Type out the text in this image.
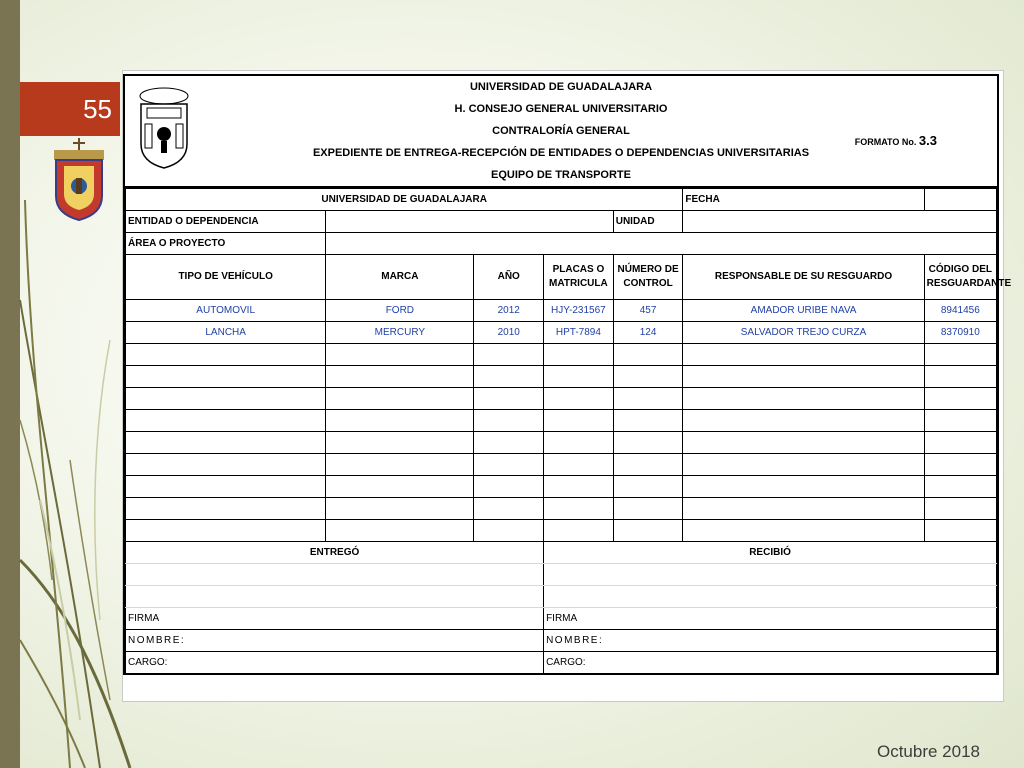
55
Octubre 2018
UNIVERSIDAD DE GUADALAJARA
H. CONSEJO GENERAL UNIVERSITARIO
CONTRALORÍA GENERAL
EXPEDIENTE DE ENTREGA-RECEPCIÓN DE ENTIDADES O DEPENDENCIAS UNIVERSITARIAS
EQUIPO DE TRANSPORTE
FORMATO No. 3.3
UNIVERSIDAD DE GUADALAJARA					FECHA	
ENTIDAD O DEPENDENCIA				UNIDAD		
ÁREA O PROYECTO						
TIPO DE VEHÍCULO	MARCA	AÑO	PLACAS O MATRICULA	NÚMERO DE CONTROL	RESPONSABLE DE SU RESGUARDO	CÓDIGO DEL RESGUARDANTE
AUTOMOVIL	FORD	2012	HJY-231567	457	AMADOR URIBE NAVA	8941456
LANCHA	MERCURY	2010	HPT-7894	124	SALVADOR TREJO CURZA	8370910

ENTREGÓ	RECIBIÓ

FIRMA	FIRMA
NOMBRE:	NOMBRE:
CARGO:	CARGO:
